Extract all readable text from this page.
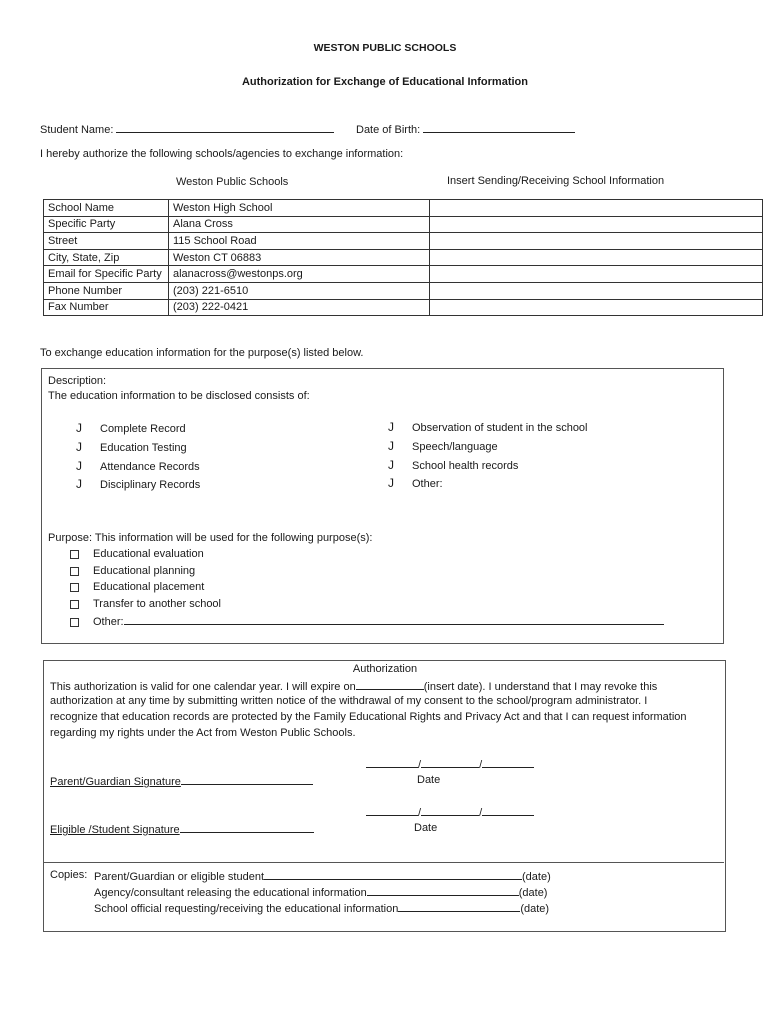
WESTON PUBLIC SCHOOLS
Authorization for Exchange of Educational Information
Student Name:	Date of Birth:
I hereby authorize the following schools/agencies to exchange information:
Weston Public Schools	Insert Sending/Receiving School Information
School Name	Weston High School	
Specific Party	Alana Cross	
Street	115 School Road	
City, State, Zip	Weston CT 06883	
Email for Specific Party	alanacross@westonps.org	
Phone Number	(203) 221-6510	
Fax Number	(203) 222-0421	
To exchange education information for the purpose(s) listed below.
Description:
The education information to be disclosed consists of:
J Complete Record
J Education Testing
J Attendance Records
J Disciplinary Records
J Observation of student in the school
J Speech/language
J School health records
J Other:
Purpose: This information will be used for the following purpose(s):
Educational evaluation
Educational planning
Educational placement
Transfer to another school
Other:
Authorization
This authorization is valid for one calendar year. I will expire on	(insert date). I understand that I may revoke this
authorization at any time by submitting written notice of the withdrawal of my consent to the school/program administrator. I
recognize that education records are protected by the Family Educational Rights and Privacy Act and that I can request information
regarding my rights under the Act from Weston Public Schools.
/	/
Parent/Guardian Signature	Date
/	/
Eligible /Student Signature	Date
Copies: Parent/Guardian or eligible student	(date)
Agency/consultant releasing the educational information	(date)
School official requesting/receiving the educational information	(date)
